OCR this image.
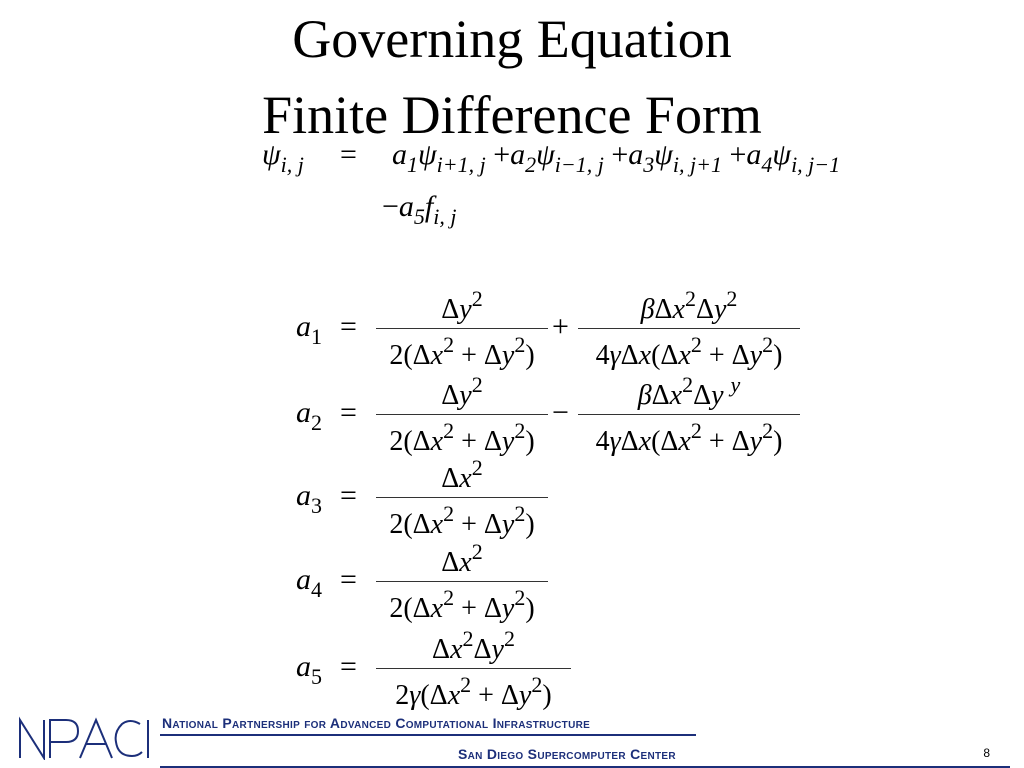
Governing Equation
Finite Difference Form
$\psi_{i, j} = a_1\psi_{i+1, j} +a_2\psi_{i-1, j} +a_3\psi_{i, j+1} +a_4\psi_{i, j-1}$
$-a_5f_{i, j}$
$a_1$ =
$\Delta y^2$
$2(\Delta x^2 + \Delta y^2)$
+
$\beta\Delta x^2\Delta y^2$
$4\gamma\Delta x(\Delta x^2 + \Delta y^2)$
$a_2$ =
$\Delta y^2$
$2(\Delta x^2 + \Delta y^2)$
−
βΔx$^2$Δy $^y$
$4\gamma\Delta x(\Delta x^2 + \Delta y^2)$
$a_3$ =
$\Delta x^2$
$2(\Delta x^2 + \Delta y^2)$
$a_4$ =
$\Delta x^2$
$2(\Delta x^2 + \Delta y^2)$
$a_5$ =
$\Delta x^2\Delta y^2$
$2\gamma(\Delta x^2 + \Delta y^2)$
National Partnership for Advanced Computational Infrastructure
San Diego Supercomputer Center	8
